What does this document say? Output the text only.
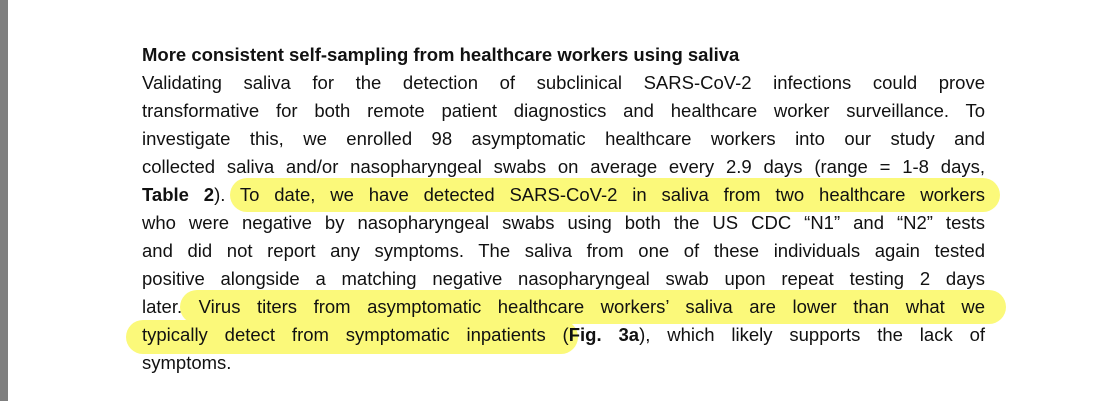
More consistent self-sampling from healthcare workers using saliva
Validating saliva for the detection of subclinical SARS-CoV-2 infections could prove
transformative for both remote patient diagnostics and healthcare worker surveillance. To
investigate this, we enrolled 98 asymptomatic healthcare workers into our study and
collected saliva and/or nasopharyngeal swabs on average every 2.9 days (range = 1-8 days,
Table 2). To date, we have detected SARS-CoV-2 in saliva from two healthcare workers
who were negative by nasopharyngeal swabs using both the US CDC “N1” and “N2” tests
and did not report any symptoms. The saliva from one of these individuals again tested
positive alongside a matching negative nasopharyngeal swab upon repeat testing 2 days
later. Virus titers from asymptomatic healthcare workers’ saliva are lower than what we
typically detect from symptomatic inpatients (Fig. 3a), which likely supports the lack of
symptoms.
